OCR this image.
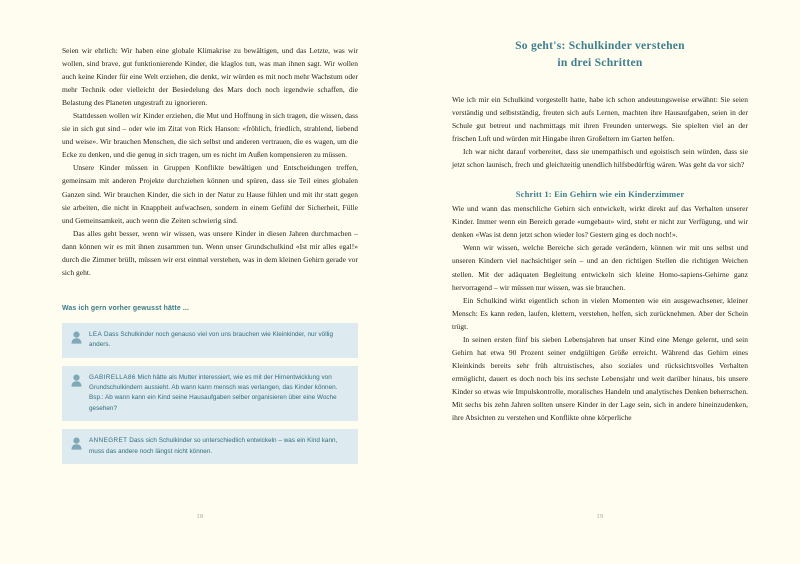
Seien wir ehrlich: Wir haben eine globale Klimakrise zu bewältigen, und das Letzte, was wir wollen, sind brave, gut funktionierende Kinder, die klaglos tun, was man ihnen sagt. Wir wollen auch keine Kinder für eine Welt erziehen, die denkt, wir würden es mit noch mehr Wachstum oder mehr Technik oder vielleicht der Besiedelung des Mars doch noch irgendwie schaffen, die Belastung des Planeten ungestraft zu ignorieren.

Stattdessen wollen wir Kinder erziehen, die Mut und Hoffnung in sich tragen, die wissen, dass sie in sich gut sind – oder wie im Zitat von Rick Hanson: «fröhlich, friedlich, strahlend, liebend und weise». Wir brauchen Menschen, die sich selbst und anderen vertrauen, die es wagen, um die Ecke zu denken, und die genug in sich tragen, um es nicht im Außen kompensieren zu müssen.

Unsere Kinder müssen in Gruppen Konflikte bewältigen und Entscheidungen treffen, gemeinsam mit anderen Projekte durchziehen können und spüren, dass sie Teil eines globalen Ganzen sind. Wir brauchen Kinder, die sich in der Natur zu Hause fühlen und mit ihr statt gegen sie arbeiten, die nicht in Knappheit aufwachsen, sondern in einem Gefühl der Sicherheit, Fülle und Gemeinsamkeit, auch wenn die Zeiten schwierig sind.

Das alles geht besser, wenn wir wissen, was unsere Kinder in diesen Jahren durchmachen – dann können wir es mit ihnen zusammen tun. Wenn unser Grundschulkind «Ist mir alles egal!» durch die Zimmer brüllt, müssen wir erst einmal verstehen, was in dem kleinen Gehirn gerade vor sich geht.

Was ich gern vorher gewusst hätte ...
LEA Dass Schulkinder noch genauso viel von uns brauchen wie Kleinkinder, nur völlig anders.
GABIRELLA86 Mich hätte als Mutter interessiert, wie es mit der Hirnentwicklung von Grundschulkindern aussieht. Ab wann kann mensch was verlangen, das Kinder können. Bsp.: Ab wann kann ein Kind seine Hausaufgaben selber organisieren über eine Woche gesehen?
ANNEGRET Dass sich Schulkinder so unterschiedlich entwickeln – was ein Kind kann, muss das andere noch längst nicht können.
18
So geht's: Schulkinder verstehen
in drei Schritten

Wie ich mir ein Schulkind vorgestellt hatte, habe ich schon andeutungsweise erwähnt: Sie seien verständig und selbstständig, freuten sich aufs Lernen, machten ihre Hausaufgaben, seien in der Schule gut betreut und nachmittags mit ihren Freunden unterwegs. Sie spielten viel an der frischen Luft und würden mit Hingabe ihren Großeltern im Garten helfen.

Ich war nicht darauf vorbereitet, dass sie unempathisch und egoistisch sein würden, dass sie jetzt schon launisch, frech und gleichzeitig unendlich hilfsbedürftig wären. Was geht da vor sich?

Schritt 1: Ein Gehirn wie ein Kinderzimmer

Wie und wann das menschliche Gehirn sich entwickelt, wirkt direkt auf das Verhalten unserer Kinder. Immer wenn ein Bereich gerade «umgebaut» wird, steht er nicht zur Verfügung, und wir denken «Was ist denn jetzt schon wieder los? Gestern ging es doch noch!».

Wenn wir wissen, welche Bereiche sich gerade verändern, können wir mit uns selbst und unseren Kindern viel nachsichtiger sein – und an den richtigen Stellen die richtigen Weichen stellen. Mit der adäquaten Begleitung entwickeln sich kleine Homo-sapiens-Gehirne ganz hervorragend – wir müssen nur wissen, was sie brauchen.

Ein Schulkind wirkt eigentlich schon in vielen Momenten wie ein ausgewachsener, kleiner Mensch: Es kann reden, laufen, klettern, verstehen, helfen, sich zurücknehmen. Aber der Schein trügt.

In seinen ersten fünf bis sieben Lebensjahren hat unser Kind eine Menge gelernt, und sein Gehirn hat etwa 90 Prozent seiner endgültigen Größe erreicht. Während das Gehirn eines Kleinkinds bereits sehr früh altruistisches, also soziales und rücksichtsvolles Verhalten ermöglicht, dauert es doch noch bis ins sechste Lebensjahr und weit darüber hinaus, bis unsere Kinder so etwas wie Impulskontrolle, moralisches Handeln und analytisches Denken beherrschen. Mit sechs bis zehn Jahren sollten unsere Kinder in der Lage sein, sich in andere hineinzudenken, ihre Absichten zu verstehen und Konflikte ohne körperliche

19
